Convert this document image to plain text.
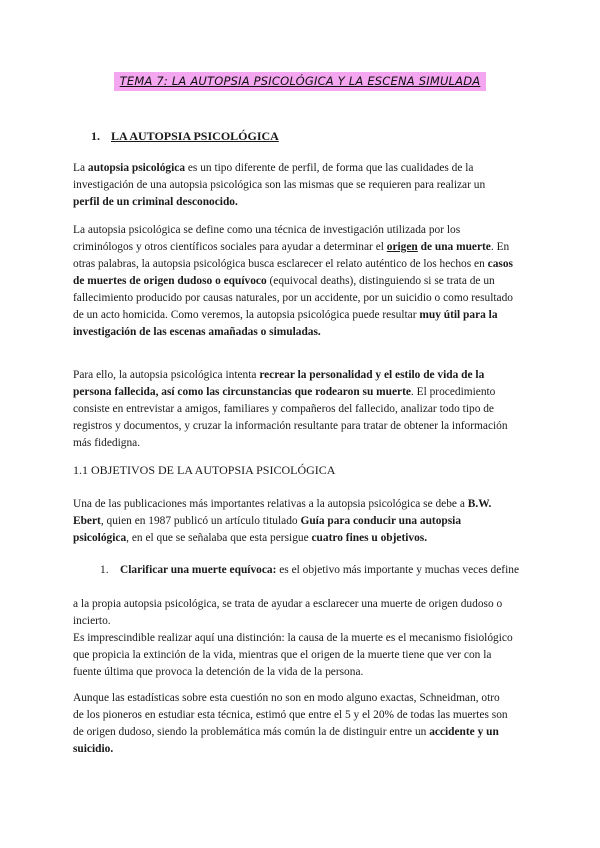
TEMA 7: LA AUTOPSIA PSICOLÓGICA Y LA ESCENA SIMULADA
1. LA AUTOPSIA PSICOLÓGICA

La autopsia psicológica es un tipo diferente de perfil, de forma que las cualidades de la investigación de una autopsia psicológica son las mismas que se requieren para realizar un perfil de un criminal desconocido.

La autopsia psicológica se define como una técnica de investigación utilizada por los criminólogos y otros científicos sociales para ayudar a determinar el origen de una muerte. En otras palabras, la autopsia psicológica busca esclarecer el relato auténtico de los hechos en casos de muertes de origen dudoso o equívoco (equivocal deaths), distinguiendo si se trata de un fallecimiento producido por causas naturales, por un accidente, por un suicidio o como resultado de un acto homicida. Como veremos, la autopsia psicológica puede resultar muy útil para la investigación de las escenas amañadas o simuladas.

Para ello, la autopsia psicológica intenta recrear la personalidad y el estilo de vida de la persona fallecida, así como las circunstancias que rodearon su muerte. El procedimiento consiste en entrevistar a amigos, familiares y compañeros del fallecido, analizar todo tipo de registros y documentos, y cruzar la información resultante para tratar de obtener la información más fidedigna.

1.1 OBJETIVOS DE LA AUTOPSIA PSICOLÓGICA

Una de las publicaciones más importantes relativas a la autopsia psicológica se debe a B.W. Ebert, quien en 1987 publicó un artículo titulado Guía para conducir una autopsia psicológica, en el que se señalaba que esta persigue cuatro fines u objetivos.

1. Clarificar una muerte equívoca: es el objetivo más importante y muchas veces define

a la propia autopsia psicológica, se trata de ayudar a esclarecer una muerte de origen dudoso o incierto.

Es imprescindible realizar aquí una distinción: la causa de la muerte es el mecanismo fisiológico que propicia la extinción de la vida, mientras que el origen de la muerte tiene que ver con la fuente última que provoca la detención de la vida de la persona.

Aunque las estadísticas sobre esta cuestión no son en modo alguno exactas, Schneidman, otro de los pioneros en estudiar esta técnica, estimó que entre el 5 y el 20% de todas las muertes son de origen dudoso, siendo la problemática más común la de distinguir entre un accidente y un suicidio.
